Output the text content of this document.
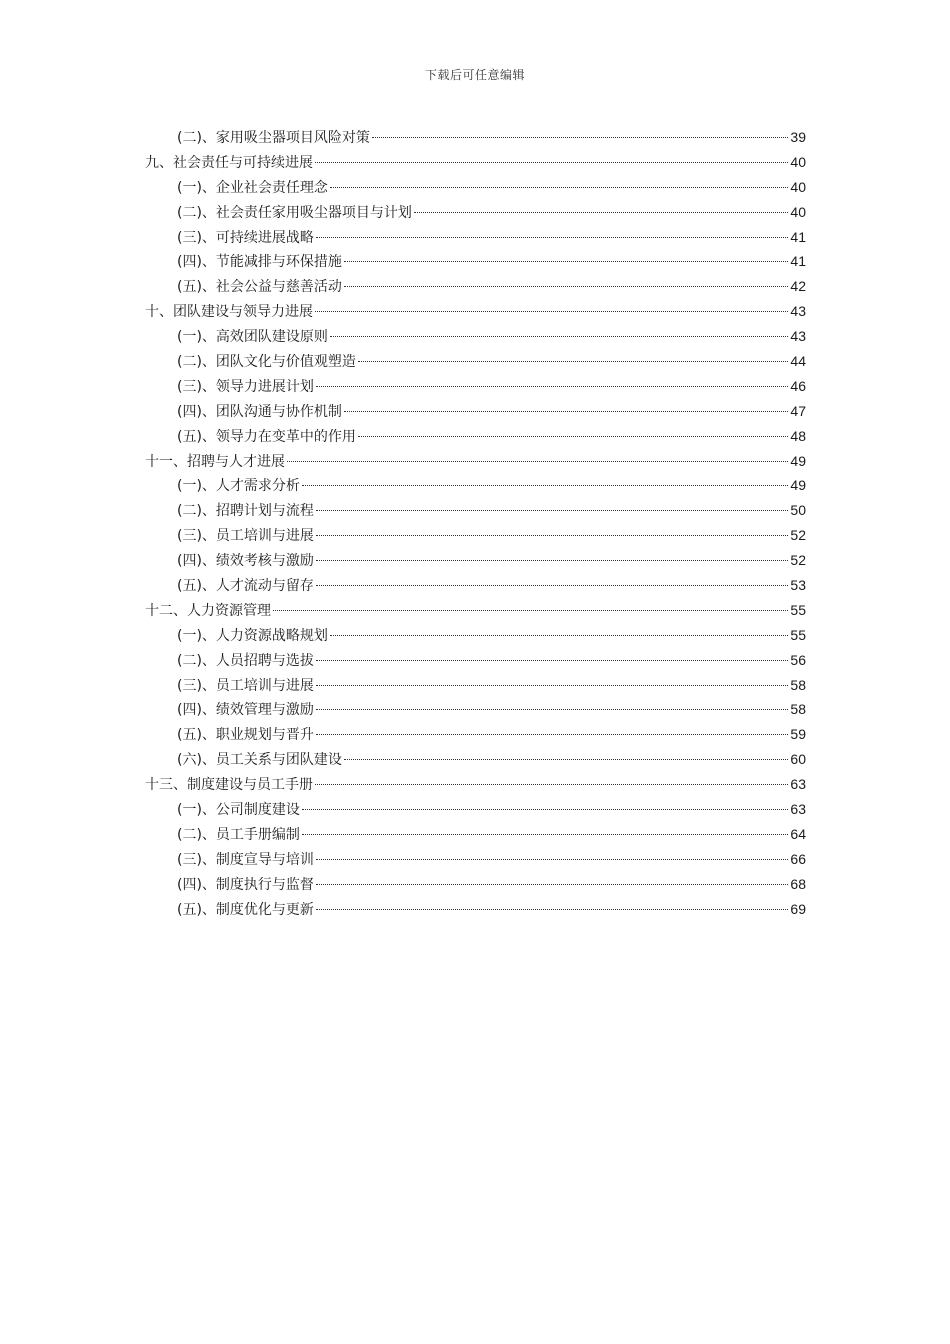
下载后可任意编辑
(二)、家用吸尘器项目风险对策	39
九、社会责任与可持续进展	40
(一)、企业社会责任理念	40
(二)、社会责任家用吸尘器项目与计划	40
(三)、可持续进展战略	41
(四)、节能减排与环保措施	41
(五)、社会公益与慈善活动	42
十、团队建设与领导力进展	43
(一)、高效团队建设原则	43
(二)、团队文化与价值观塑造	44
(三)、领导力进展计划	46
(四)、团队沟通与协作机制	47
(五)、领导力在变革中的作用	48
十一、招聘与人才进展	49
(一)、人才需求分析	49
(二)、招聘计划与流程	50
(三)、员工培训与进展	52
(四)、绩效考核与激励	52
(五)、人才流动与留存	53
十二、人力资源管理	55
(一)、人力资源战略规划	55
(二)、人员招聘与选拔	56
(三)、员工培训与进展	58
(四)、绩效管理与激励	58
(五)、职业规划与晋升	59
(六)、员工关系与团队建设	60
十三、制度建设与员工手册	63
(一)、公司制度建设	63
(二)、员工手册编制	64
(三)、制度宣导与培训	66
(四)、制度执行与监督	68
(五)、制度优化与更新	69
